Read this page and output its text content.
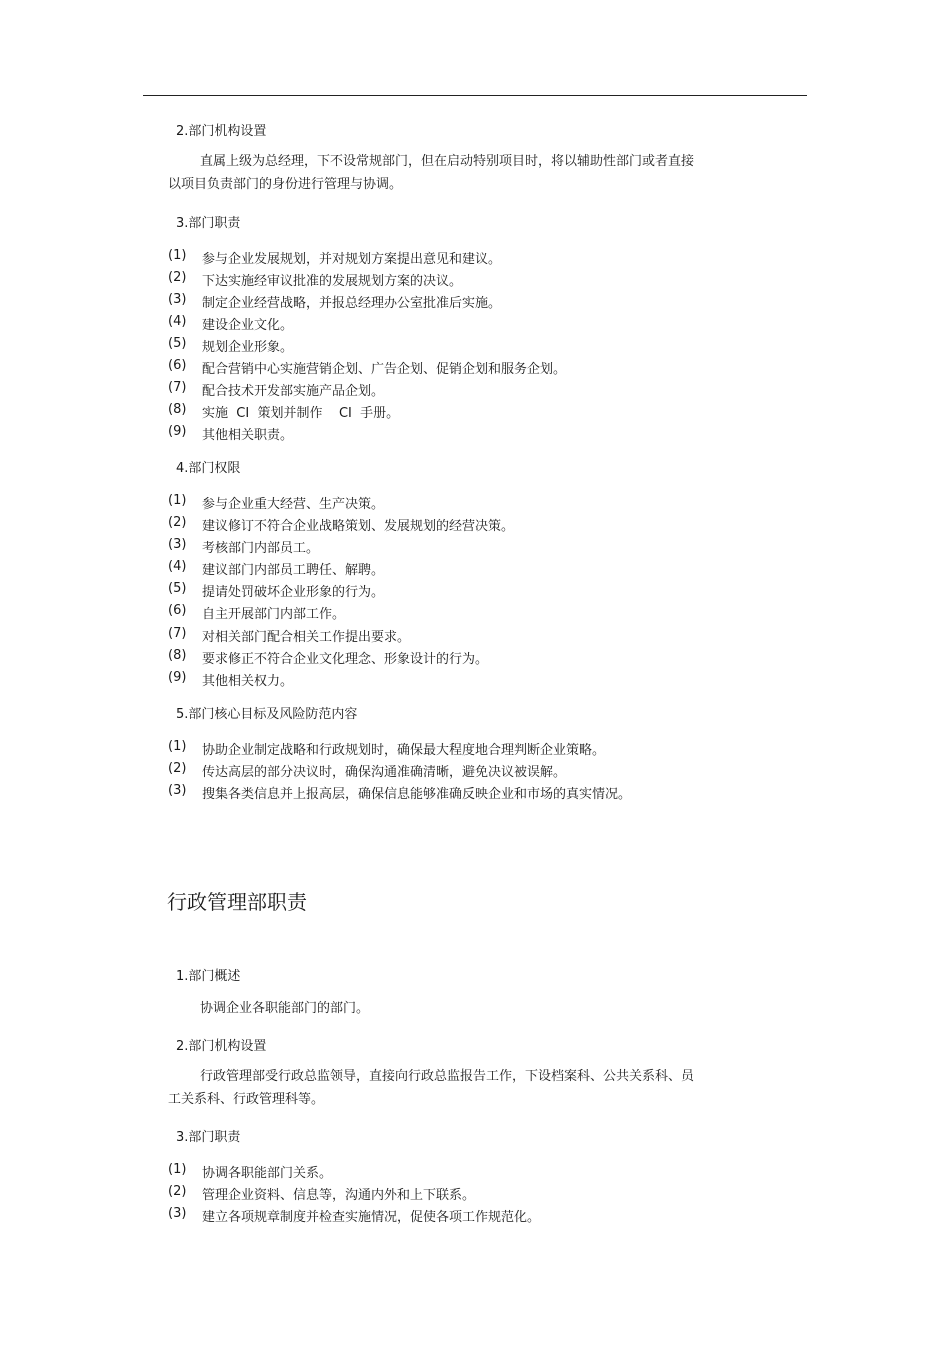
2.部门机构设置
直属上级为总经理，下不设常规部门，但在启动特别项目时，将以辅助性部门或者直接
以项目负责部门的身份进行管理与协调。
3.部门职责
(1)	参与企业发展规划，并对规划方案提出意见和建议。
(2)	下达实施经审议批准的发展规划方案的决议。
(3)	制定企业经营战略，并报总经理办公室批准后实施。
(4)	建设企业文化。
(5)	规划企业形象。
(6)	配合营销中心实施营销企划、广告企划、促销企划和服务企划。
(7)	配合技术开发部实施产品企划。
(8)	实施  CI  策划并制作    CI  手册。
(9)	其他相关职责。
4.部门权限
(1)	参与企业重大经营、生产决策。
(2)	建议修订不符合企业战略策划、发展规划的经营决策。
(3)	考核部门内部员工。
(4)	建议部门内部员工聘任、解聘。
(5)	提请处罚破坏企业形象的行为。
(6)	自主开展部门内部工作。
(7)	对相关部门配合相关工作提出要求。
(8)	要求修正不符合企业文化理念、形象设计的行为。
(9)	其他相关权力。
5.部门核心目标及风险防范内容
(1)	协助企业制定战略和行政规划时，确保最大程度地合理判断企业策略。
(2)	传达高层的部分决议时，确保沟通准确清晰，避免决议被误解。
(3)	搜集各类信息并上报高层，确保信息能够准确反映企业和市场的真实情况。
行政管理部职责
1.部门概述
协调企业各职能部门的部门。
2.部门机构设置
行政管理部受行政总监领导，直接向行政总监报告工作，下设档案科、公共关系科、员
工关系科、行政管理科等。
3.部门职责
(1)	协调各职能部门关系。
(2)	管理企业资料、信息等，沟通内外和上下联系。
(3)	建立各项规章制度并检查实施情况，促使各项工作规范化。
